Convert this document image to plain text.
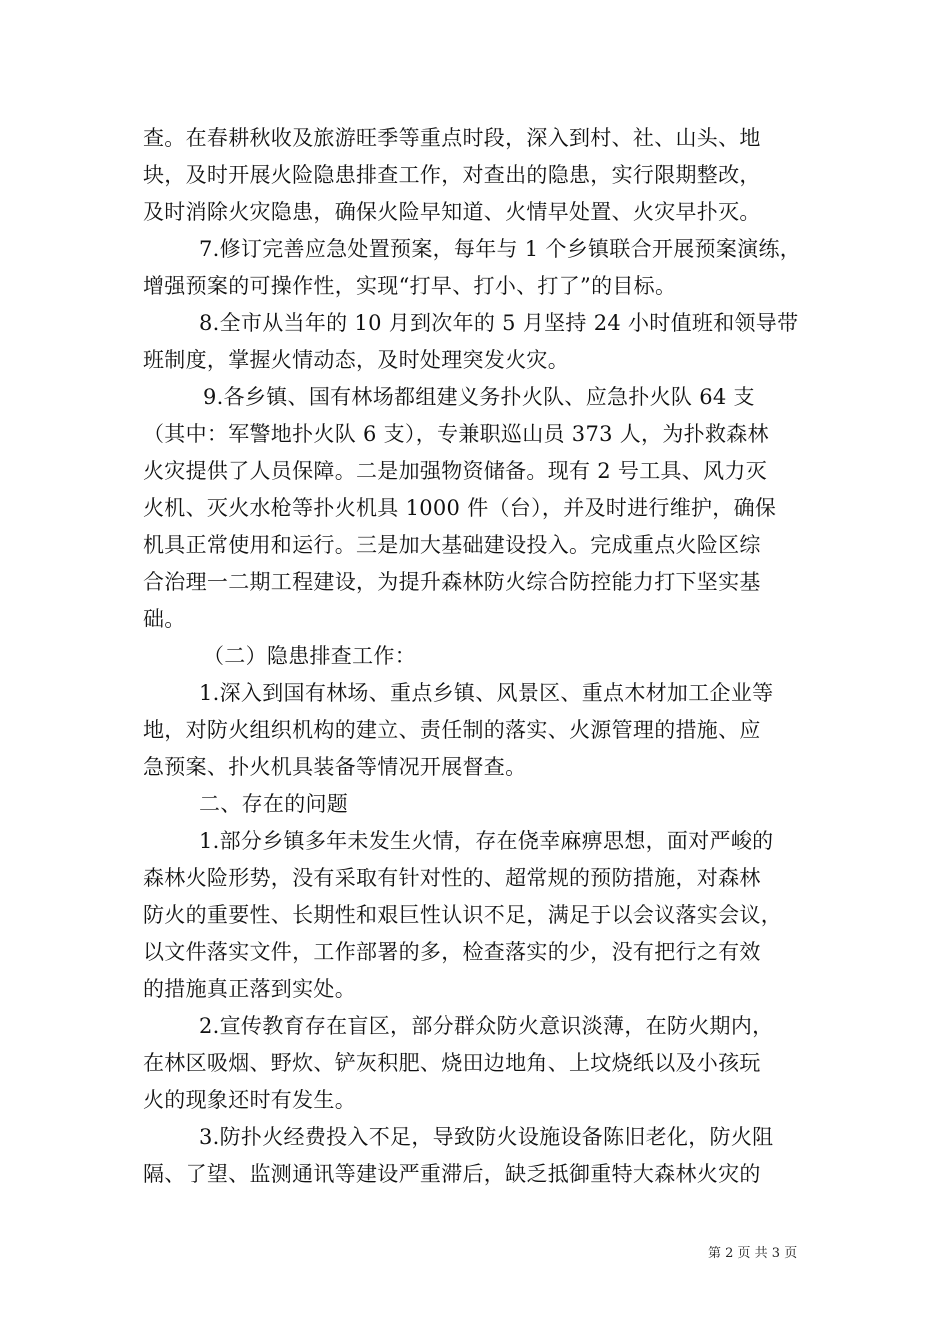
查。在春耕秋收及旅游旺季等重点时段，深入到村、社、山头、地
块，及时开展火险隐患排查工作，对查出的隐患，实行限期整改，
及时消除火灾隐患，确保火险早知道、火情早处置、火灾早扑灭。
7.修订完善应急处置预案，每年与 1 个乡镇联合开展预案演练，
增强预案的可操作性，实现“打早、打小、打了”的目标。
8.全市从当年的 10 月到次年的 5 月坚持 24 小时值班和领导带
班制度，掌握火情动态，及时处理突发火灾。
9.各乡镇、国有林场都组建义务扑火队、应急扑火队 64 支
（其中：军警地扑火队 6 支），专兼职巡山员 373 人，为扑救森林
火灾提供了人员保障。二是加强物资储备。现有 2 号工具、风力灭
火机、灭火水枪等扑火机具 1000 件（台），并及时进行维护，确保
机具正常使用和运行。三是加大基础建设投入。完成重点火险区综
合治理一二期工程建设，为提升森林防火综合防控能力打下坚实基
础。
（二）隐患排查工作：
1.深入到国有林场、重点乡镇、风景区、重点木材加工企业等
地，对防火组织机构的建立、责任制的落实、火源管理的措施、应
急预案、扑火机具装备等情况开展督查。
二、存在的问题
1.部分乡镇多年未发生火情，存在侥幸麻痹思想，面对严峻的
森林火险形势，没有采取有针对性的、超常规的预防措施，对森林
防火的重要性、长期性和艰巨性认识不足，满足于以会议落实会议，
以文件落实文件，工作部署的多，检查落实的少，没有把行之有效
的措施真正落到实处。
2.宣传教育存在盲区，部分群众防火意识淡薄，在防火期内，
在林区吸烟、野炊、铲灰积肥、烧田边地角、上坟烧纸以及小孩玩
火的现象还时有发生。
3.防扑火经费投入不足，导致防火设施设备陈旧老化，防火阻
隔、了望、监测通讯等建设严重滞后，缺乏抵御重特大森林火灾的
第 2 页 共 3 页
